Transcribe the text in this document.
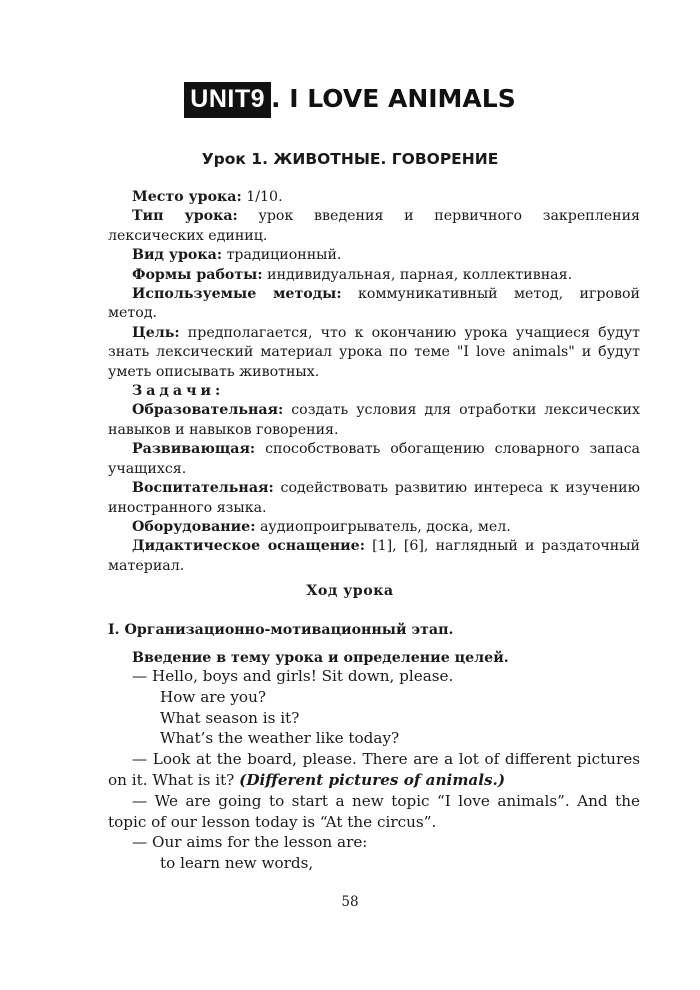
UNIT9 . I LOVE ANIMALS
Урок 1. ЖИВОТНЫЕ. ГОВОРЕНИЕ

Место урока: 1/10.

Тип урока: урок введения и первичного закрепления лексических единиц.

Вид урока: традиционный.

Формы работы: индивидуальная, парная, коллективная.

Используемые методы: коммуникативный метод, игровой метод.

Цель: предполагается, что к окончанию урока учащиеся будут знать лексический материал урока по теме "I love animals" и будут уметь описывать животных.

Задачи:

Образовательная: создать условия для отработки лексических навыков и навыков говорения.

Развивающая: способствовать обогащению словарного запаса учащихся.

Воспитательная: содействовать развитию интереса к изучению иностранного языка.

Оборудование: аудиопроигрыватель, доска, мел.

Дидактическое оснащение: [1], [6], наглядный и раздаточный материал.

Ход урока

I. Организационно-мотивационный этап.

Введение в тему урока и определение целей.

— Hello, boys and girls! Sit down, please.

How are you?

What season is it?

What’s the weather like today?

— Look at the board, please. There are a lot of different pictures on it. What is it? (Different pictures of animals.)

— We are going to start a new topic “I love animals”. And the topic of our lesson today is “At the circus”.

— Our aims for the lesson are:

to learn new words,

58
